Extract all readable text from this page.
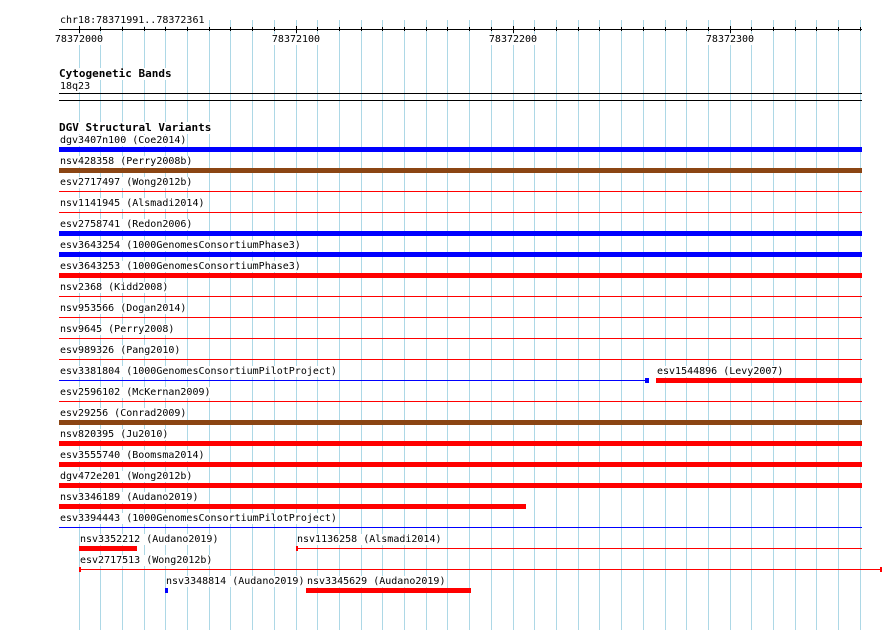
chr18:78371991..78372361
78372000	78372100	78372200	78372300
Cytogenetic Bands
18q23
DGV Structural Variants
dgv3407n100 (Coe2014)
nsv428358 (Perry2008b)
esv2717497 (Wong2012b)
nsv1141945 (Alsmadi2014)
esv2758741 (Redon2006)
esv3643254 (1000GenomesConsortiumPhase3)
esv3643253 (1000GenomesConsortiumPhase3)
nsv2368 (Kidd2008)
nsv953566 (Dogan2014)
nsv9645 (Perry2008)
esv989326 (Pang2010)
esv3381804 (1000GenomesConsortiumPilotProject)	esv1544896 (Levy2007)
esv2596102 (McKernan2009)
esv29256 (Conrad2009)
nsv820395 (Ju2010)
esv3555740 (Boomsma2014)
dgv472e201 (Wong2012b)
nsv3346189 (Audano2019)
esv3394443 (1000GenomesConsortiumPilotProject)
nsv3352212 (Audano2019)	nsv1136258 (Alsmadi2014)
esv2717513 (Wong2012b)
nsv3348814 (Audano2019) nsv3345629 (Audano2019)
